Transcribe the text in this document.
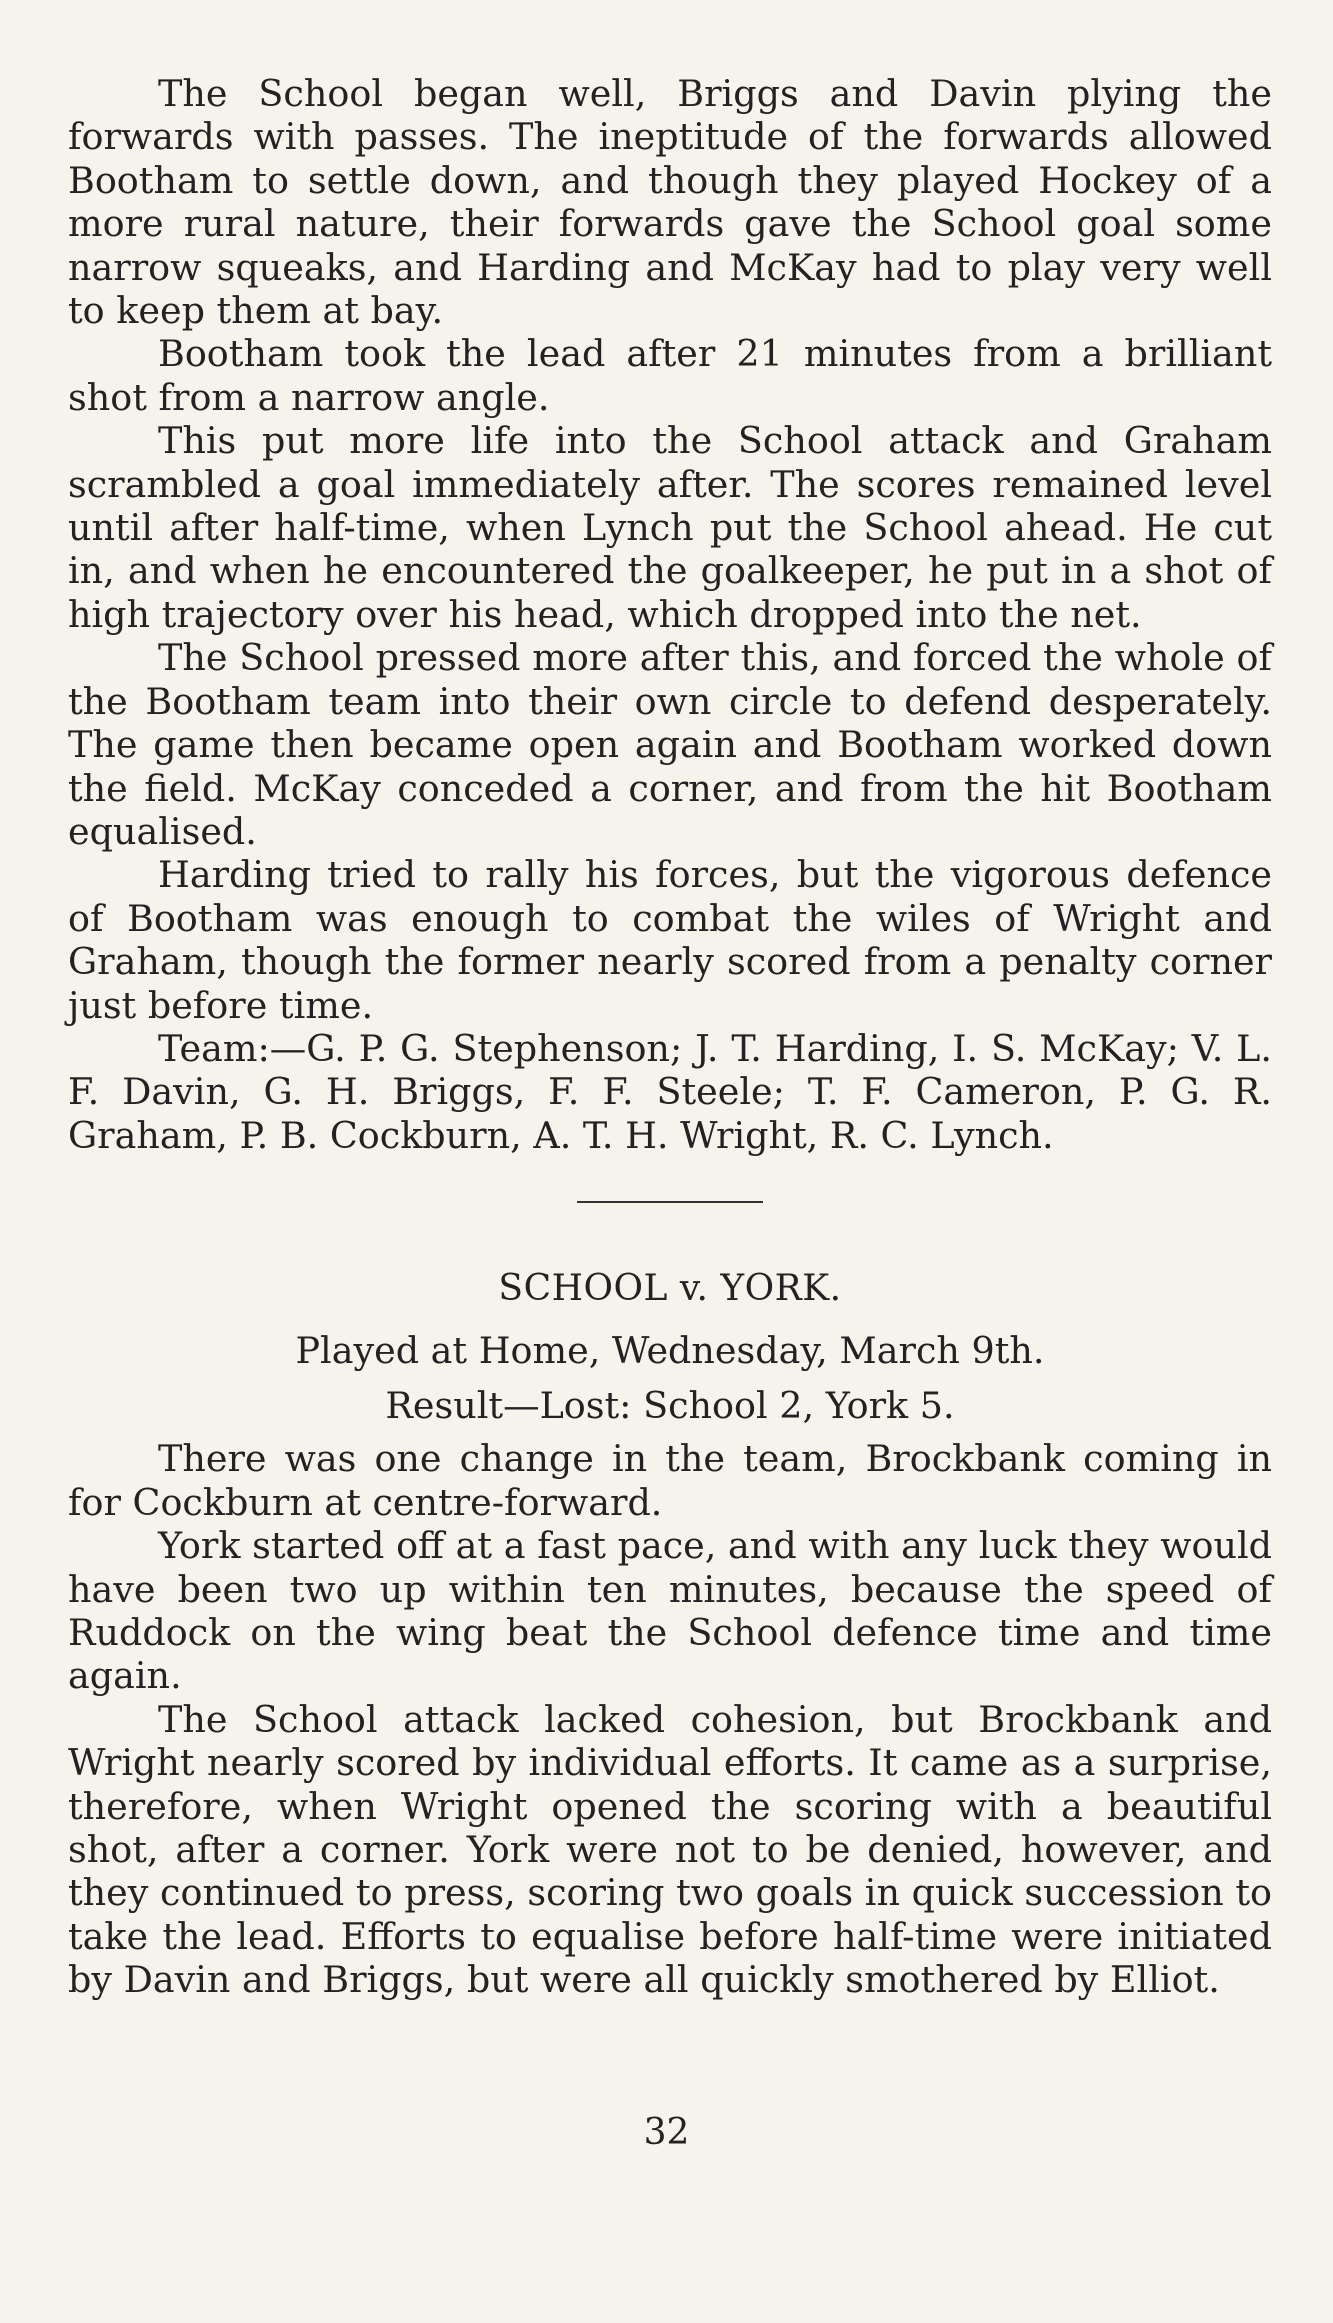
The School began well, Briggs and Davin plying the forwards with passes. The ineptitude of the forwards allowed Bootham to settle down, and though they played Hockey of a more rural nature, their forwards gave the School goal some narrow squeaks, and Harding and McKay had to play very well to keep them at bay.

Bootham took the lead after 21 minutes from a brilliant shot from a narrow angle.

This put more life into the School attack and Graham scrambled a goal immediately after. The scores remained level until after half-time, when Lynch put the School ahead. He cut in, and when he encountered the goalkeeper, he put in a shot of high trajectory over his head, which dropped into the net.

The School pressed more after this, and forced the whole of the Bootham team into their own circle to defend desperately. The game then became open again and Bootham worked down the field. McKay conceded a corner, and from the hit Bootham equalised.

Harding tried to rally his forces, but the vigorous defence of Bootham was enough to combat the wiles of Wright and Graham, though the former nearly scored from a penalty corner just before time.

Team:—G. P. G. Stephenson; J. T. Harding, I. S. McKay; V. L. F. Davin, G. H. Briggs, F. F. Steele; T. F. Cameron, P. G. R. Graham, P. B. Cockburn, A. T. H. Wright, R. C. Lynch.

SCHOOL v. YORK.

Played at Home, Wednesday, March 9th.

Result—Lost: School 2, York 5.

There was one change in the team, Brockbank coming in for Cockburn at centre-forward.

York started off at a fast pace, and with any luck they would have been two up within ten minutes, because the speed of Ruddock on the wing beat the School defence time and time again.

The School attack lacked cohesion, but Brockbank and Wright nearly scored by individual efforts. It came as a surprise, therefore, when Wright opened the scoring with a beautiful shot, after a corner. York were not to be denied, however, and they continued to press, scoring two goals in quick succession to take the lead. Efforts to equalise before half-time were initiated by Davin and Briggs, but were all quickly smothered by Elliot.

32
